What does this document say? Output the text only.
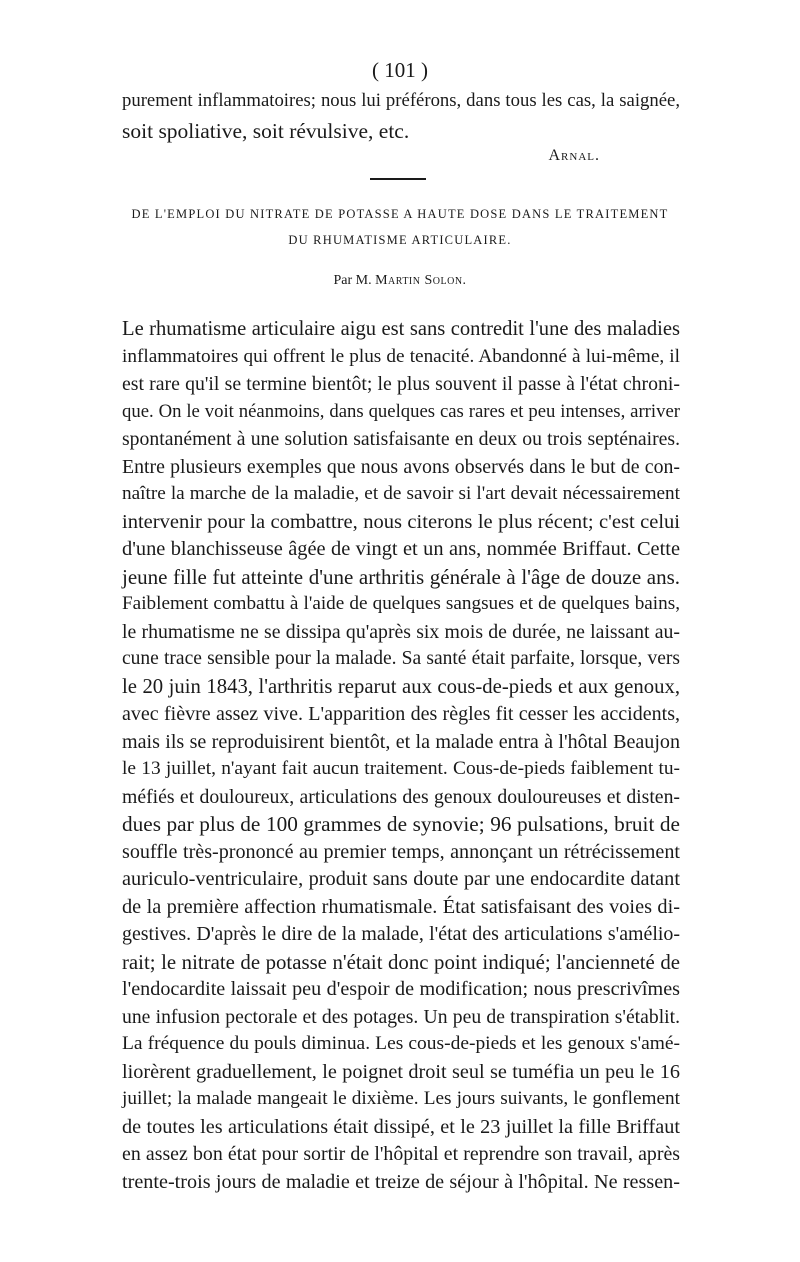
( 101 )
purement inflammatoires; nous lui préférons, dans tous les cas, la saignée,
soit spoliative, soit révulsive, etc.
Arnal.
DE L'EMPLOI DU NITRATE DE POTASSE A HAUTE DOSE DANS LE TRAITEMENT
DU RHUMATISME ARTICULAIRE.
Par M. Martin Solon.
Le rhumatisme articulaire aigu est sans contredit l'une des maladies
inflammatoires qui offrent le plus de tenacité. Abandonné à lui-même, il
est rare qu'il se termine bientôt; le plus souvent il passe à l'état chroni-
que. On le voit néanmoins, dans quelques cas rares et peu intenses, arriver
spontanément à une solution satisfaisante en deux ou trois septénaires.
Entre plusieurs exemples que nous avons observés dans le but de con-
naître la marche de la maladie, et de savoir si l'art devait nécessairement
intervenir pour la combattre, nous citerons le plus récent; c'est celui
d'une blanchisseuse âgée de vingt et un ans, nommée Briffaut. Cette
jeune fille fut atteinte d'une arthritis générale à l'âge de douze ans.
Faiblement combattu à l'aide de quelques sangsues et de quelques bains,
le rhumatisme ne se dissipa qu'après six mois de durée, ne laissant au-
cune trace sensible pour la malade. Sa santé était parfaite, lorsque, vers
le 20 juin 1843, l'arthritis reparut aux cous-de-pieds et aux genoux,
avec fièvre assez vive. L'apparition des règles fit cesser les accidents,
mais ils se reproduisirent bientôt, et la malade entra à l'hôtal Beaujon
le 13 juillet, n'ayant fait aucun traitement. Cous-de-pieds faiblement tu-
méfiés et douloureux, articulations des genoux douloureuses et disten-
dues par plus de 100 grammes de synovie; 96 pulsations, bruit de
souffle très-prononcé au premier temps, annonçant un rétrécissement
auriculo-ventriculaire, produit sans doute par une endocardite datant
de la première affection rhumatismale. État satisfaisant des voies di-
gestives. D'après le dire de la malade, l'état des articulations s'amélio-
rait; le nitrate de potasse n'était donc point indiqué; l'ancienneté de
l'endocardite laissait peu d'espoir de modification; nous prescrivîmes
une infusion pectorale et des potages. Un peu de transpiration s'établit.
La fréquence du pouls diminua. Les cous-de-pieds et les genoux s'amé-
liorèrent graduellement, le poignet droit seul se tuméfia un peu le 16
juillet; la malade mangeait le dixième. Les jours suivants, le gonflement
de toutes les articulations était dissipé, et le 23 juillet la fille Briffaut
en assez bon état pour sortir de l'hôpital et reprendre son travail, après
trente-trois jours de maladie et treize de séjour à l'hôpital. Ne ressen-
